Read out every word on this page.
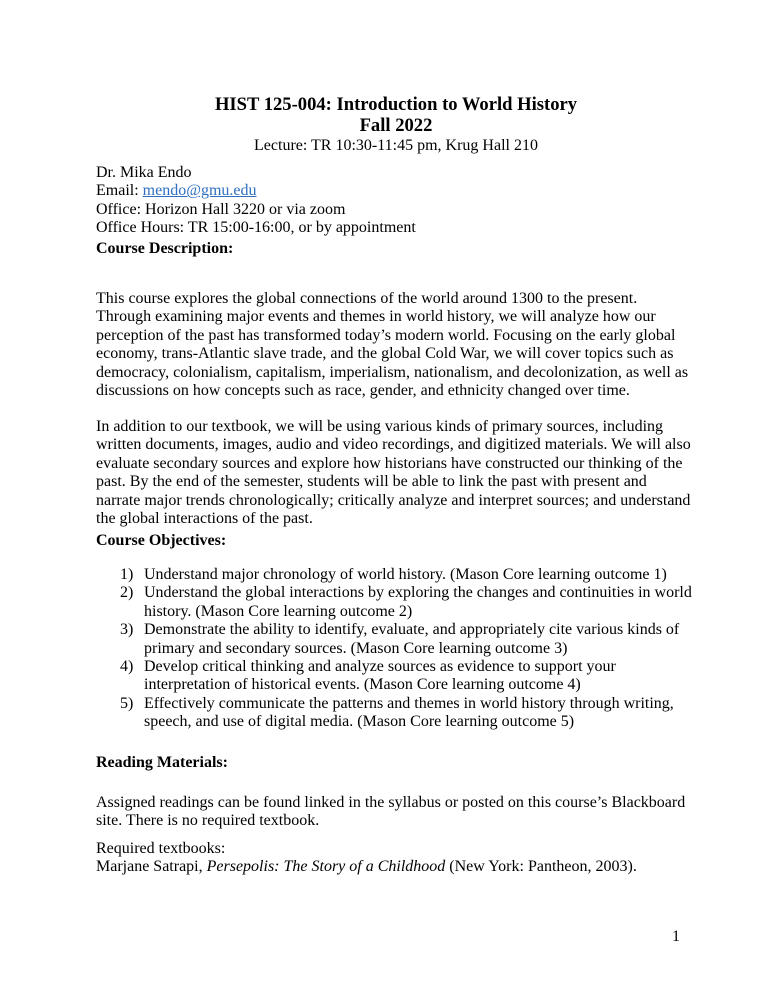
HIST 125-004: Introduction to World History

Fall 2022

Lecture: TR 10:30-11:45 pm, Krug Hall 210

Dr. Mika Endo

Email: mendo@gmu.edu

Office: Horizon Hall 3220 or via zoom

Office Hours: TR 15:00-16:00, or by appointment

Course Description:

This course explores the global connections of the world around 1300 to the present. Through examining major events and themes in world history, we will analyze how our perception of the past has transformed today’s modern world. Focusing on the early global economy, trans-Atlantic slave trade, and the global Cold War, we will cover topics such as democracy, colonialism, capitalism, imperialism, nationalism, and decolonization, as well as discussions on how concepts such as race, gender, and ethnicity changed over time.

In addition to our textbook, we will be using various kinds of primary sources, including written documents, images, audio and video recordings, and digitized materials. We will also evaluate secondary sources and explore how historians have constructed our thinking of the past. By the end of the semester, students will be able to link the past with present and narrate major trends chronologically; critically analyze and interpret sources; and understand the global interactions of the past.

Course Objectives:

1) Understand major chronology of world history. (Mason Core learning outcome 1)
2) Understand the global interactions by exploring the changes and continuities in world history. (Mason Core learning outcome 2)
3) Demonstrate the ability to identify, evaluate, and appropriately cite various kinds of primary and secondary sources. (Mason Core learning outcome 3)
4) Develop critical thinking and analyze sources as evidence to support your interpretation of historical events. (Mason Core learning outcome 4)
5) Effectively communicate the patterns and themes in world history through writing, speech, and use of digital media. (Mason Core learning outcome 5)

Reading Materials:

Assigned readings can be found linked in the syllabus or posted on this course’s Blackboard site. There is no required textbook.

Required textbooks:

Marjane Satrapi, Persepolis: The Story of a Childhood (New York: Pantheon, 2003).

1
